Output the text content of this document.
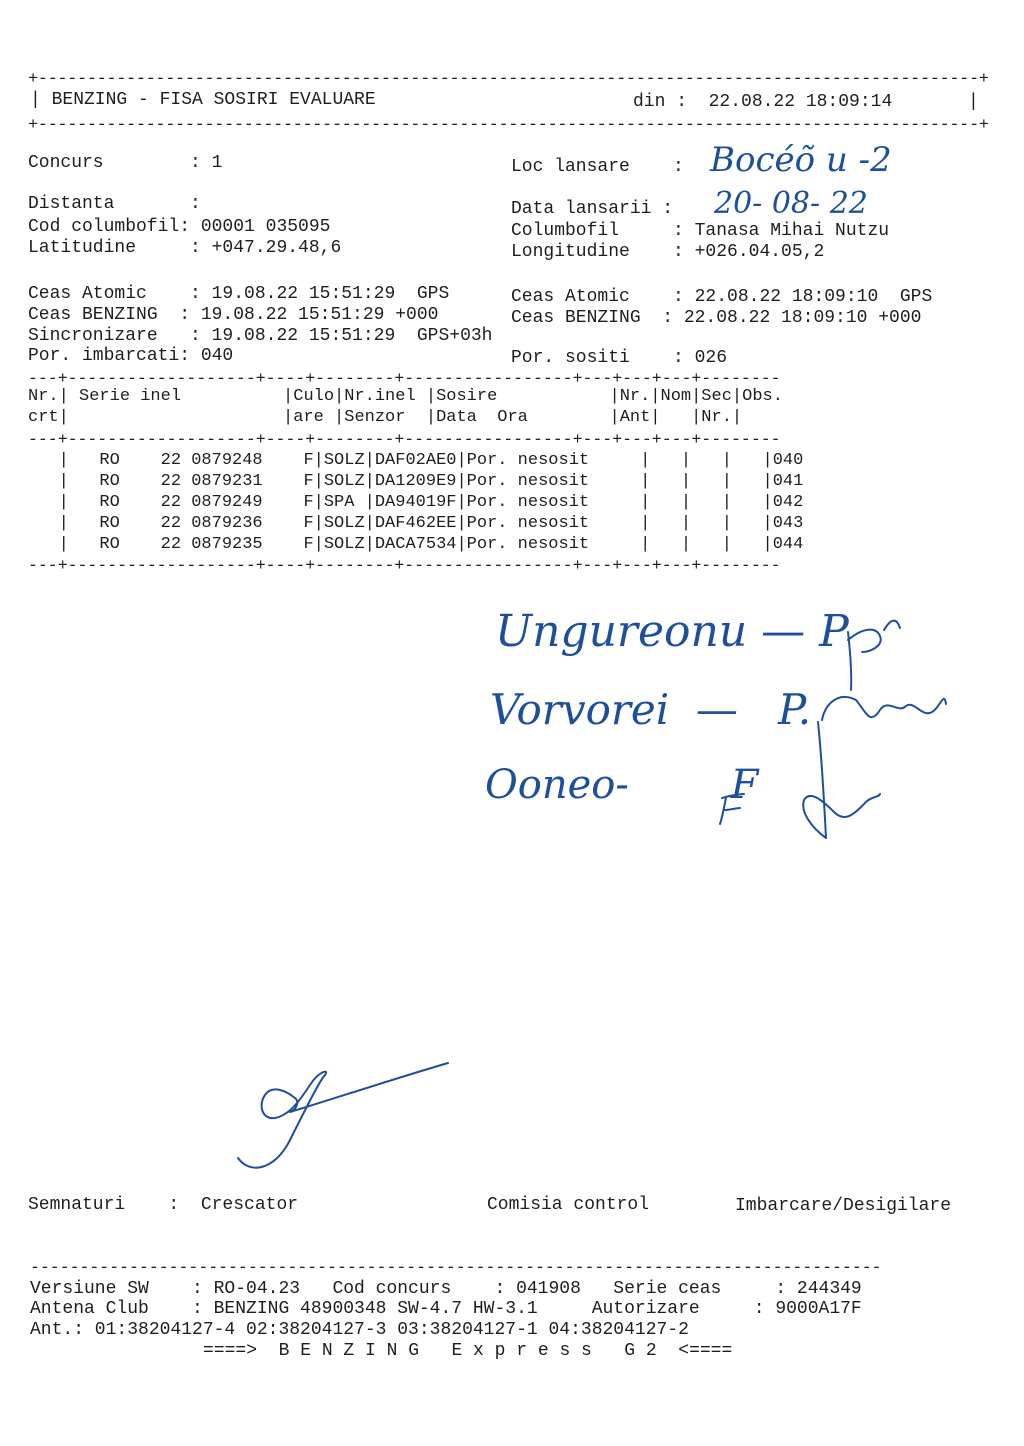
+------------------------------------------------------------------------------------------------+
| BENZING - FISA SOSIRI EVALUARE	din :  22.08.22 18:09:14	|
+------------------------------------------------------------------------------------------------+
Concurs        : 1	Loc lansare    : Bocéõ u -2
Distanta       :	Data lansarii : 20- 08- 22
Cod columbofil: 00001 035095	Columbofil     : Tanasa Mihai Nutzu
Latitudine     : +047.29.48,6	Longitudine    : +026.04.05,2
Ceas Atomic    : 19.08.22 15:51:29  GPS	Ceas Atomic    : 22.08.22 18:09:10  GPS
Ceas BENZING  : 19.08.22 15:51:29 +000	Ceas BENZING  : 22.08.22 18:09:10 +000
Sincronizare   : 19.08.22 15:51:29  GPS+03h
Por. imbarcati: 040	Por. sositi    : 026
---+-------------------+----+--------+-----------------+---+---+---+--------
Nr.| Serie inel          |Culo|Nr.inel |Sosire           |Nr.|Nom|Sec|Obs.
crt|                     |are |Senzor  |Data  Ora        |Ant|   |Nr.|
---+-------------------+----+--------+-----------------+---+---+---+--------
|   RO    22 0879248    F|SOLZ|DAF02AE0|Por. nesosit     |   |   |   |040
|   RO    22 0879231    F|SOLZ|DA1209E9|Por. nesosit     |   |   |   |041
|   RO    22 0879249    F|SPA |DA94019F|Por. nesosit     |   |   |   |042
|   RO    22 0879236    F|SOLZ|DAF462EE|Por. nesosit     |   |   |   |043
|   RO    22 0879235    F|SOLZ|DACA7534|Por. nesosit     |   |   |   |044
---+-------------------+----+--------+-----------------+---+---+---+--------
Ungureonu — P
Vorvorei  —   P.
Ooneo-        F
Semnaturi    :  Crescator	Comisia control	Imbarcare/Desigilare
--------------------------------------------------------------------------------------
Versiune SW    : RO-04.23   Cod concurs    : 041908   Serie ceas     : 244349
Antena Club    : BENZING 48900348 SW-4.7 HW-3.1     Autorizare     : 9000A17F
Ant.: 01:38204127-4 02:38204127-3 03:38204127-1 04:38204127-2
====>  B E N Z I N G   E x p r e s s   G 2  <====
